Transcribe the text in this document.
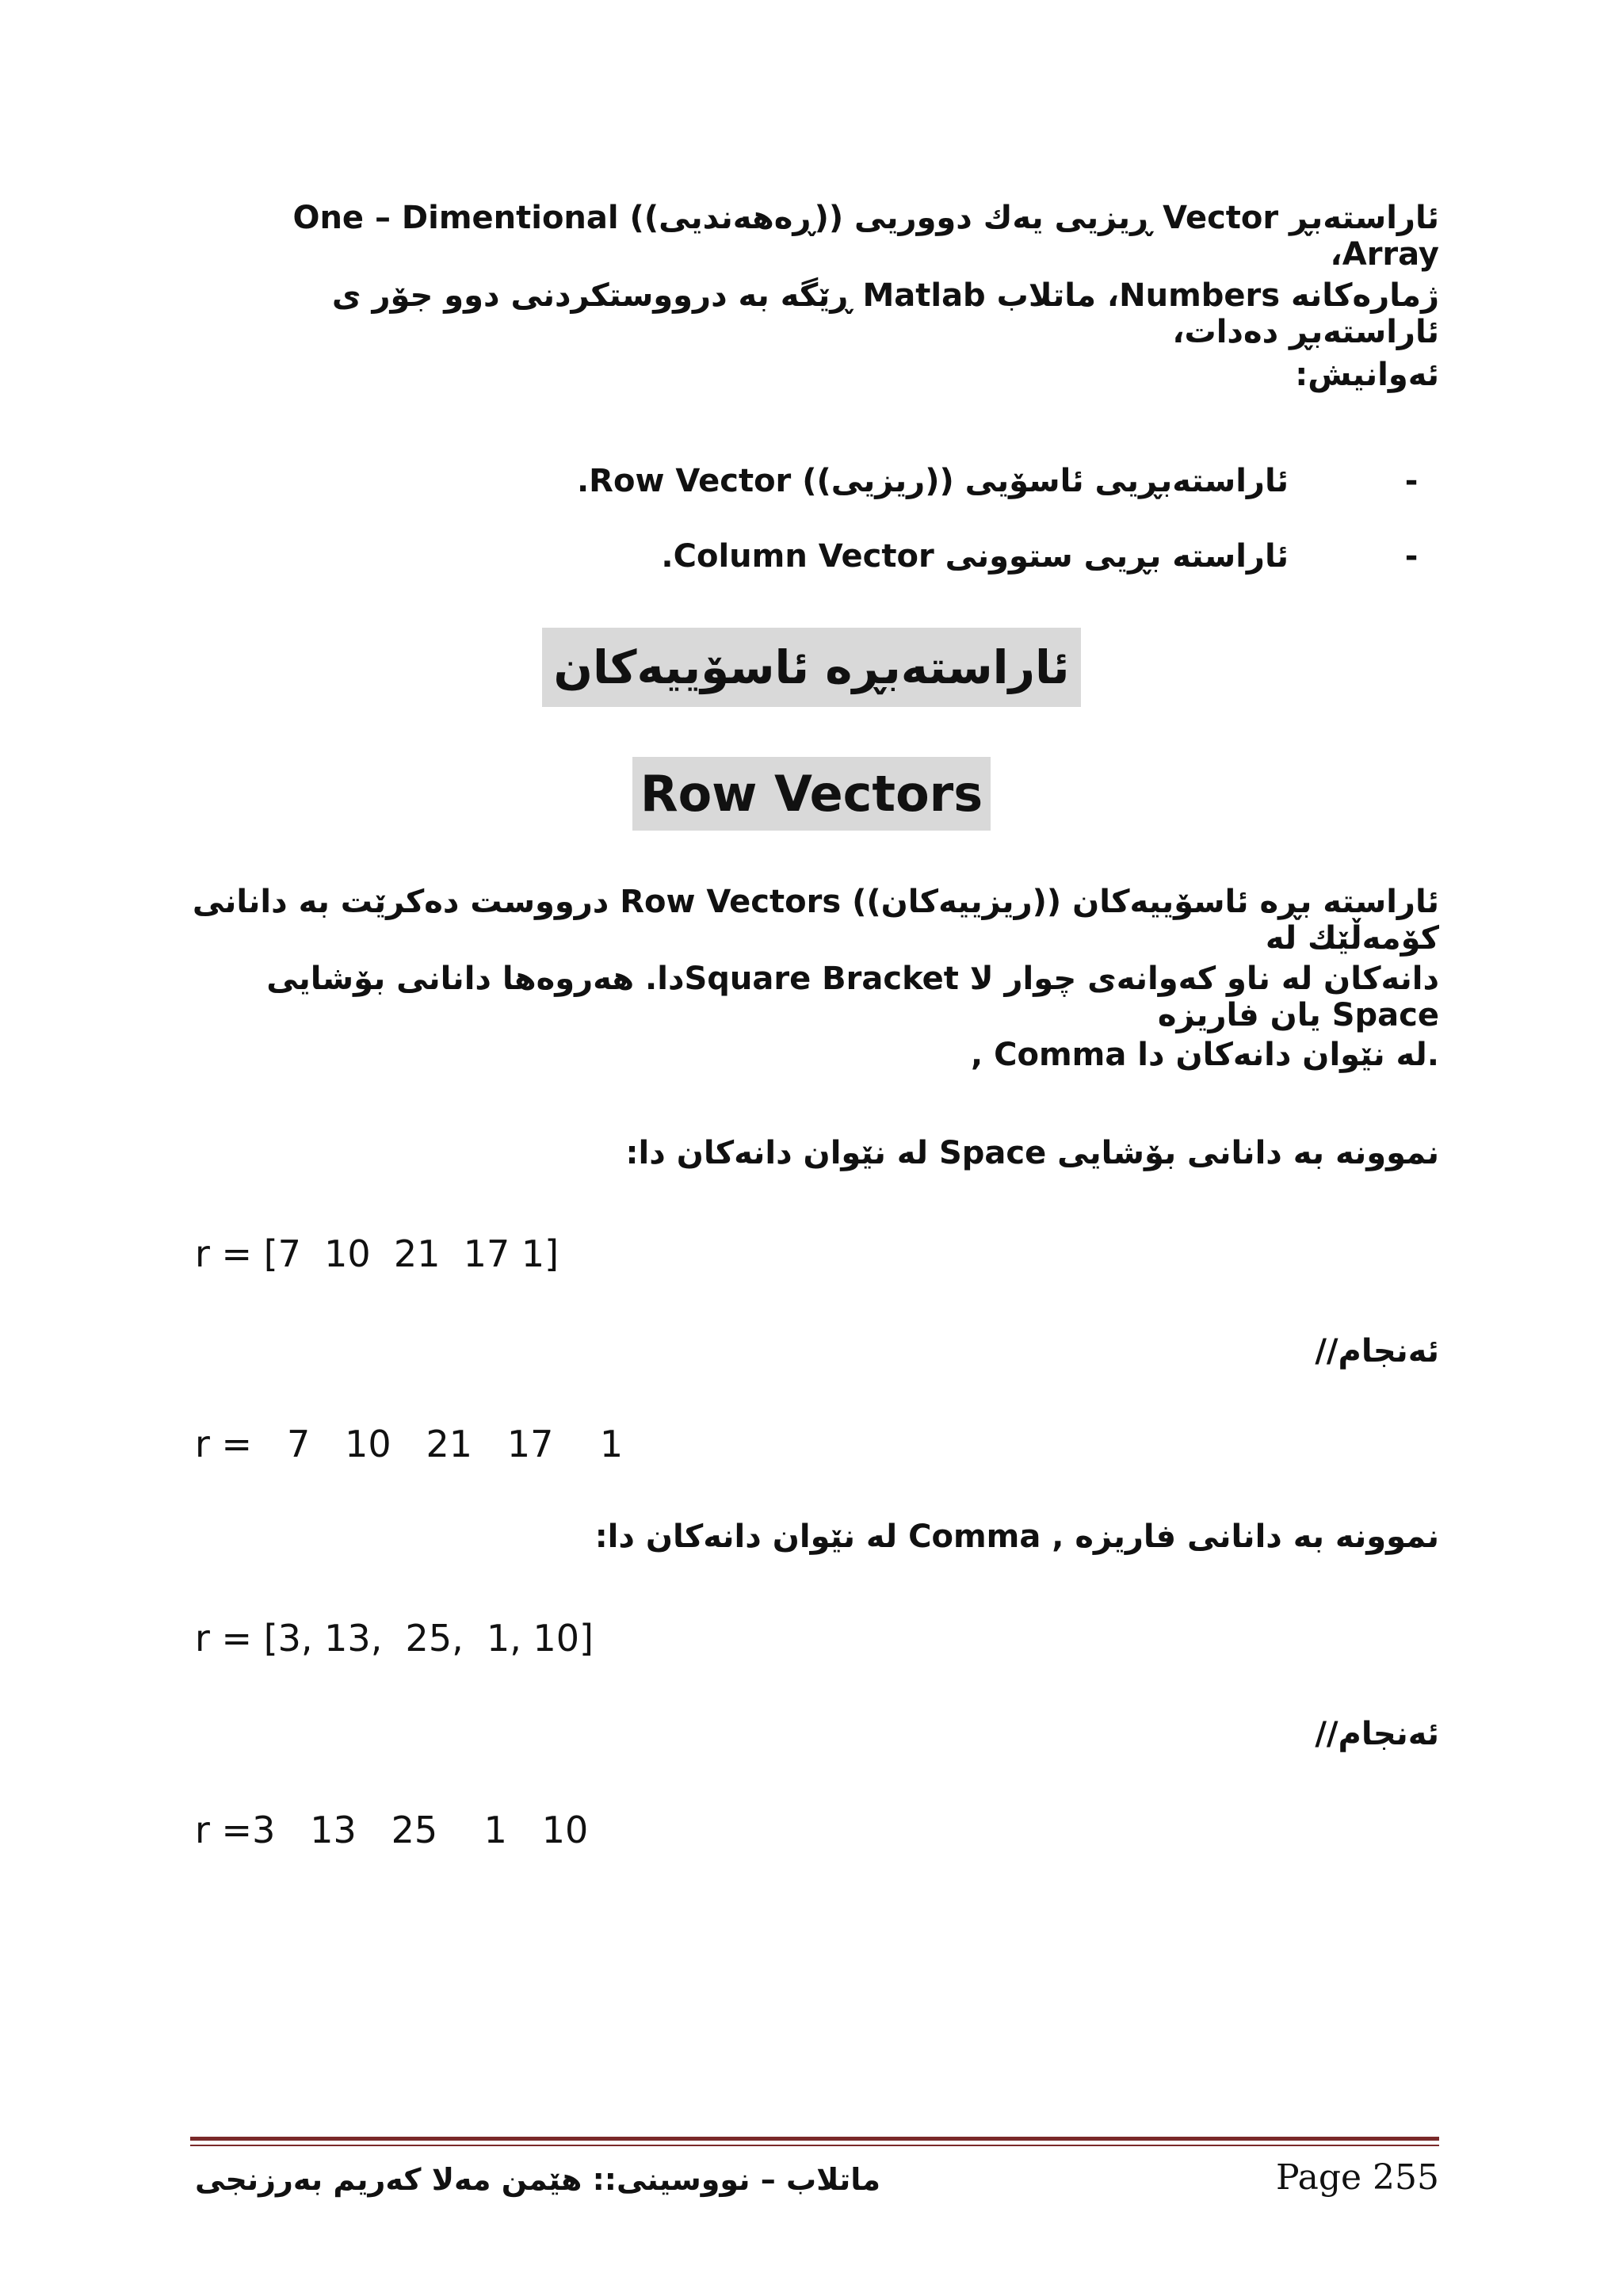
ئاراستەبڕ Vector ڕیزیی یەك دووریی ((ڕەهەندیی)) One – Dimentional Array،
ژمارەكانە Numbers، ماتلاب Matlab ڕێگە بە درووستكردنی دوو جۆر ی ئاراستەبڕ دەدات،
ئەوانیش:
-
ئاراستەبڕیی ئاسۆیی ((ریزیی)) Row Vector.
-
ئاراستە بڕیی ستوونی Column Vector.
ئاراستەبڕە ئاسۆییەكان
Row Vectors
ئاراستە بڕە ئاسۆییەكان ((ریزییەكان)) Row Vectors درووست دەكرێت بە دانانی كۆمەڵێك لە
دانەكان لە ناو كەوانەی چوار لا Square Bracketدا. هەروەها دانانی بۆشایی Space یان فاریزە
, Comma لە نێوان دانەكان دا.
نموونە بە دانانی بۆشایی Space لە نێوان دانەكان دا:
r = [7  10  21  17 1]
ئەنجام//
r =   7   10   21   17    1
نموونە بە دانانی فاریزە , Comma لە نێوان دانەكان دا:
r = [3, 13,  25,  1, 10]
ئەنجام//
r =3   13   25    1   10
ماتلاب – نووسینی:: هێمن مەلا كەریم بەرزنجی	Page 255
